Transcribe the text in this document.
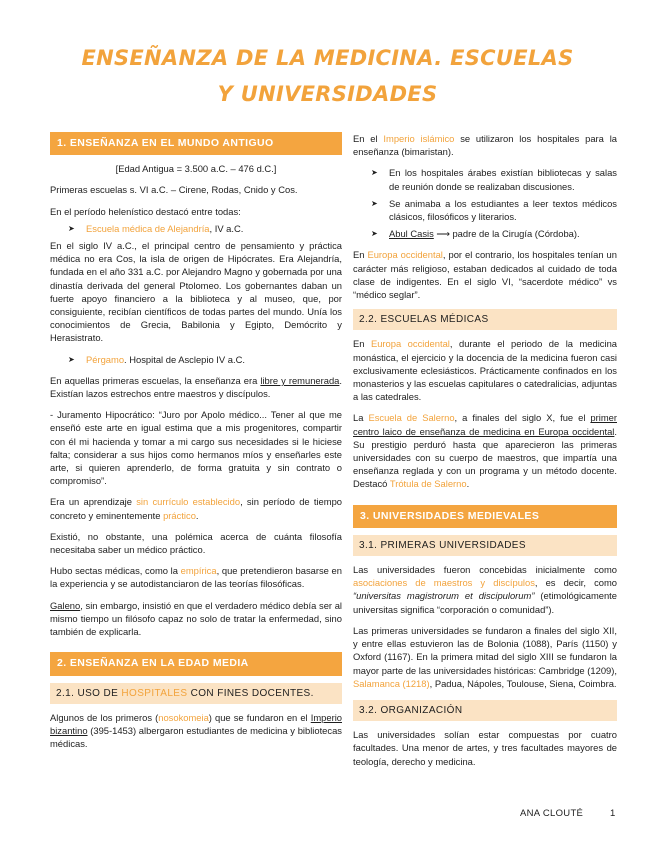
ENSEÑANZA DE LA MEDICINA. ESCUELAS
Y UNIVERSIDADES
1. ENSEÑANZA EN EL MUNDO ANTIGUO

[Edad Antigua = 3.500 a.C. – 476 d.C.]

Primeras escuelas s. VI a.C. – Cirene, Rodas, Cnido y Cos.

En el período helenístico destacó entre todas:

➤ Escuela médica de Alejandría, IV a.C.

En el siglo IV a.C., el principal centro de pensamiento y práctica médica no era Cos, la isla de origen de Hipócrates. Era Alejandría, fundada en el año 331 a.C. por Alejandro Magno y gobernada por una dinastía derivada del general Ptolomeo. Los gobernantes daban un fuerte apoyo financiero a la biblioteca y al museo, que, por consiguiente, recibían científicos de todas partes del mundo. Unía los conocimientos de Grecia, Babilonia y Egipto, Demócrito y Herasistrato.

➤ Pérgamo. Hospital de Asclepio IV a.C.

En aquellas primeras escuelas, la enseñanza era libre y remunerada. Existían lazos estrechos entre maestros y discípulos.

- Juramento Hipocrático: “Juro por Apolo médico... Tener al que me enseñó este arte en igual estima que a mis progenitores, compartir con él mi hacienda y tomar a mi cargo sus necesidades si le hiciese falta; considerar a sus hijos como hermanos míos y enseñarles este arte, si quieren aprenderlo, de forma gratuita y sin contrato o compromiso”.

Era un aprendizaje sin currículo establecido, sin período de tiempo concreto y eminentemente práctico.

Existió, no obstante, una polémica acerca de cuánta filosofía necesitaba saber un médico práctico.

Hubo sectas médicas, como la empírica, que pretendieron basarse en la experiencia y se autodistanciaron de las teorías filosóficas.

Galeno, sin embargo, insistió en que el verdadero médico debía ser al mismo tiempo un filósofo capaz no solo de tratar la enfermedad, sino también de explicarla.

2. ENSEÑANZA EN LA EDAD MEDIA
2.1. USO DE HOSPITALES CON FINES DOCENTES.

Algunos de los primeros (nosokomeia) que se fundaron en el Imperio bizantino (395-1453) albergaron estudiantes de medicina y bibliotecas médicas.

En el Imperio islámico se utilizaron los hospitales para la enseñanza (bimaristan).

➤ En los hospitales árabes existían bibliotecas y salas de reunión donde se realizaban discusiones.
➤ Se animaba a los estudiantes a leer textos médicos clásicos, filosóficos y literarios.
➤ Abul Casis ⟶ padre de la Cirugía (Córdoba).

En Europa occidental, por el contrario, los hospitales tenían un carácter más religioso, estaban dedicados al cuidado de toda clase de indigentes. En el siglo VI, “sacerdote médico” vs “médico seglar”.

2.2. ESCUELAS MÉDICAS

En Europa occidental, durante el periodo de la medicina monástica, el ejercicio y la docencia de la medicina fueron casi exclusivamente eclesiásticos. Prácticamente confinados en los monasterios y las escuelas capitulares o catedralicias, adjuntas a las catedrales.

La Escuela de Salerno, a finales del siglo X, fue el primer centro laico de enseñanza de medicina en Europa occidental. Su prestigio perduró hasta que aparecieron las primeras universidades con su cuerpo de maestros, que impartía una enseñanza reglada y con un programa y un método docente. Destacó Trótula de Salerno.

3. UNIVERSIDADES MEDIEVALES
3.1. PRIMERAS UNIVERSIDADES

Las universidades fueron concebidas inicialmente como asociaciones de maestros y discípulos, es decir, como “universitas magistrorum et discipulorum” (etimológicamente universitas significa “corporación o comunidad”).

Las primeras universidades se fundaron a finales del siglo XII, y entre ellas estuvieron las de Bolonia (1088), París (1150) y Oxford (1167). En la primera mitad del siglo XIII se fundaron la mayor parte de las universidades históricas: Cambridge (1209), Salamanca (1218), Padua, Nápoles, Toulouse, Siena, Coimbra.

3.2. ORGANIZACIÓN

Las universidades solían estar compuestas por cuatro facultades. Una menor de artes, y tres facultades mayores de teología, derecho y medicina.

ANA CLOUTÉ	1
